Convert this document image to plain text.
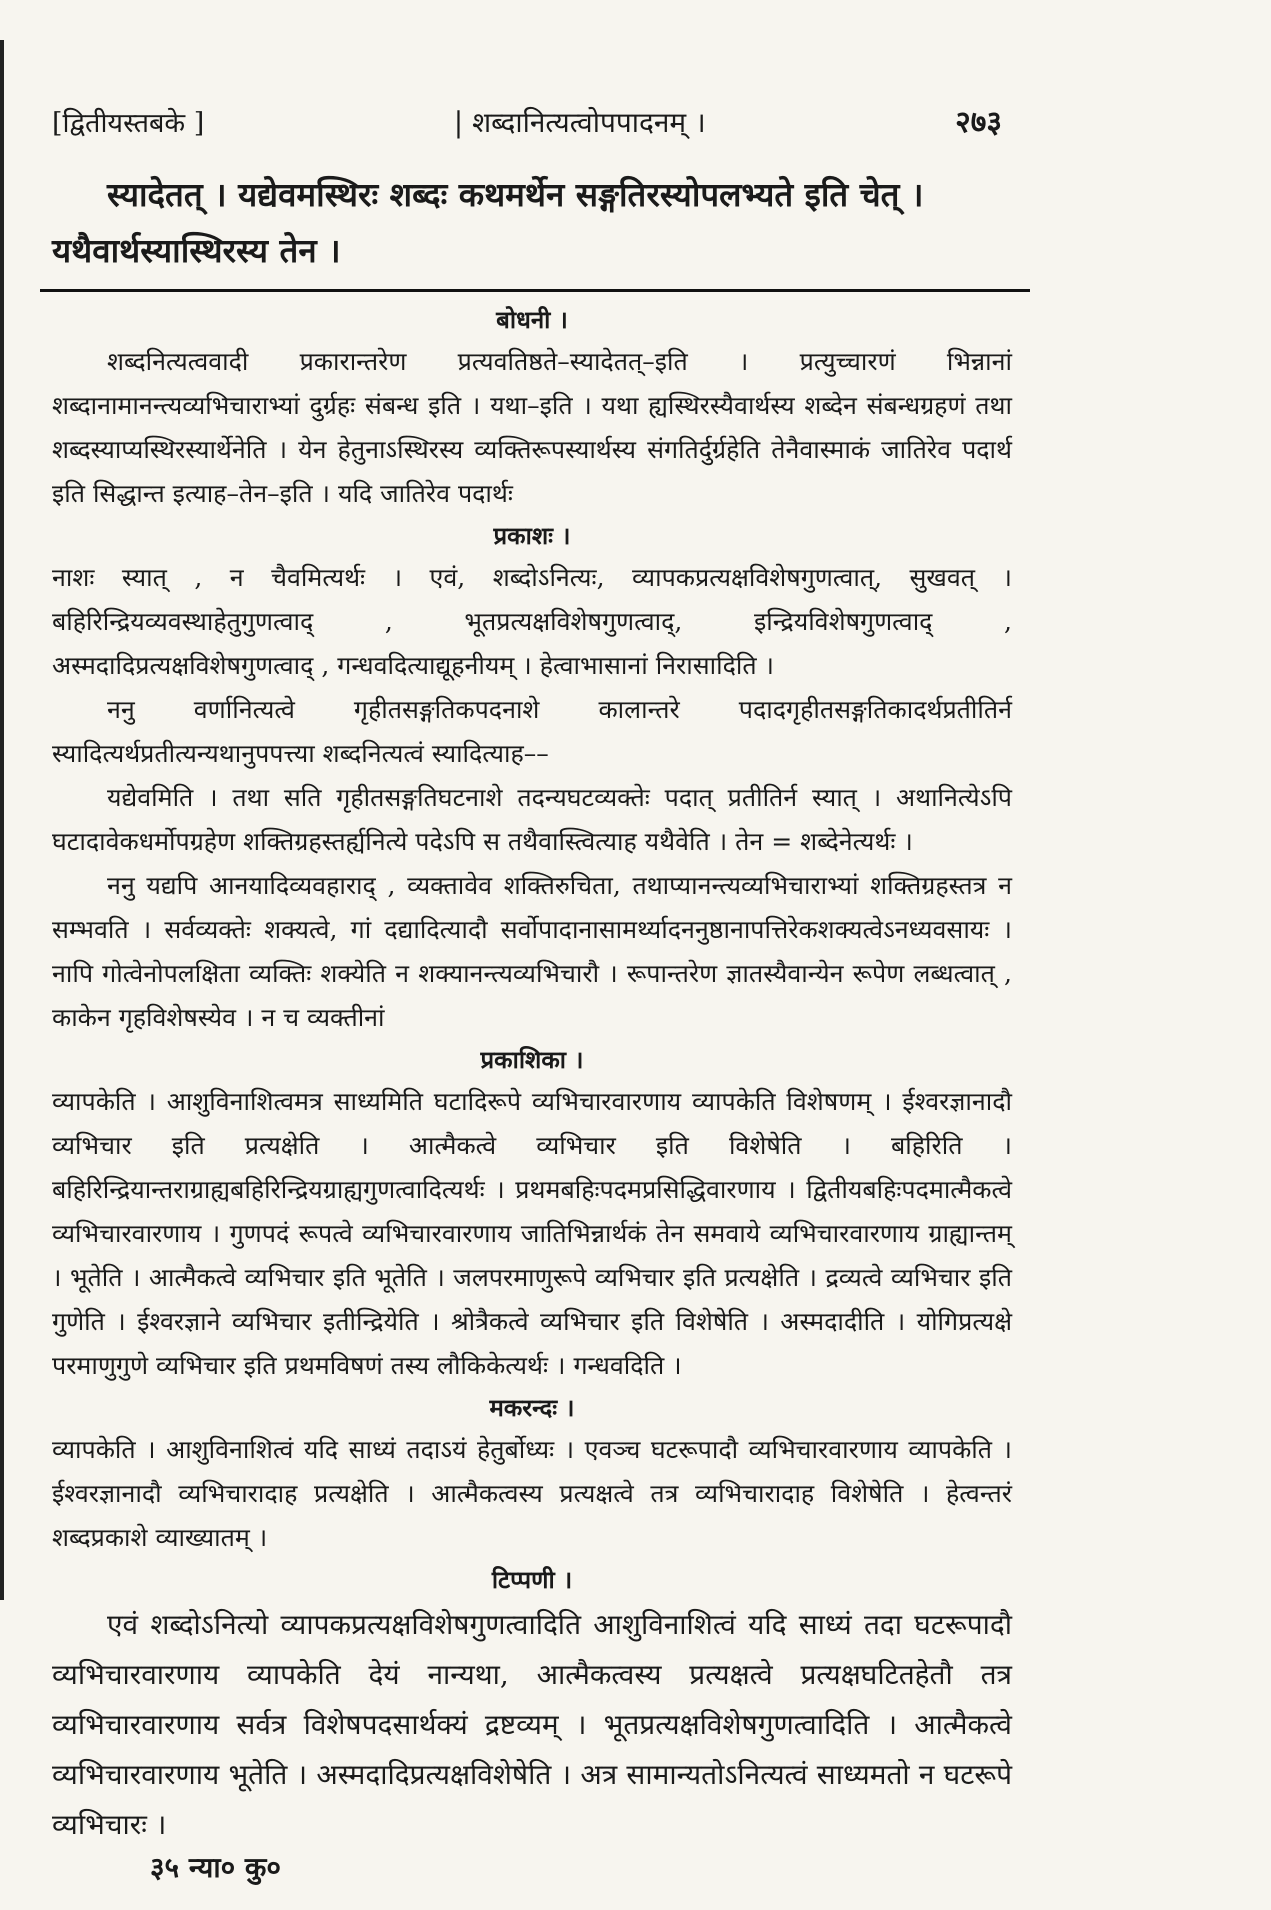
[द्वितीयस्तबके ]	| शब्दानित्यत्वोपपादनम् ।	२७३

स्यादेतत् । यद्येवमस्थिरः शब्दः कथमर्थेन सङ्गतिरस्योपलभ्यते इति चेत् । यथैवार्थस्यास्थिरस्य तेन ।

बोधनी ।

शब्दनित्यत्ववादी प्रकारान्तरेण प्रत्यवतिष्ठते–स्यादेतत्–इति । प्रत्युच्चारणं भिन्नानां शब्दानामानन्त्यव्यभिचाराभ्यां दुर्ग्रहः संबन्ध इति । यथा–इति । यथा ह्यस्थिरस्यैवार्थस्य शब्देन संबन्धग्रहणं तथा शब्दस्याप्यस्थिरस्यार्थेनेति । येन हेतुनाऽस्थिरस्य व्यक्तिरूपस्यार्थस्य संगतिर्दुर्ग्रहेति तेनैवास्माकं जातिरेव पदार्थ इति सिद्धान्त इत्याह–तेन–इति । यदि जातिरेव पदार्थः

प्रकाशः ।

नाशः स्यात् , न चैवमित्यर्थः । एवं, शब्दोऽनित्यः, व्यापकप्रत्यक्षविशेषगुणत्वात्, सुखवत् । बहिरिन्द्रियव्यवस्थाहेतुगुणत्वाद् , भूतप्रत्यक्षविशेषगुणत्वाद्, इन्द्रियविशेषगुणत्वाद् , अस्मदादिप्रत्यक्षविशेषगुणत्वाद् , गन्धवदित्याद्यूहनीयम् । हेत्वाभासानां निरासादिति ।

ननु वर्णानित्यत्वे गृहीतसङ्गतिकपदनाशे कालान्तरे पदादगृहीतसङ्गतिकादर्थप्रतीतिर्न स्यादित्यर्थप्रतीत्यन्यथानुपपत्त्या शब्दनित्यत्वं स्यादित्याह––

यद्येवमिति । तथा सति गृहीतसङ्गतिघटनाशे तदन्यघटव्यक्तेः पदात् प्रतीतिर्न स्यात् । अथानित्येऽपि घटादावेकधर्मोपग्रहेण शक्तिग्रहस्तर्ह्यनित्ये पदेऽपि स तथैवास्त्वित्याह यथैवेति । तेन = शब्देनेत्यर्थः ।

ननु यद्यपि आनयादिव्यवहाराद् , व्यक्तावेव शक्तिरुचिता, तथाप्यानन्त्यव्यभिचाराभ्यां शक्तिग्रहस्तत्र न सम्भवति । सर्वव्यक्तेः शक्यत्वे, गां दद्यादित्यादौ सर्वोपादानासामर्थ्यादननुष्ठानापत्तिरेकशक्यत्वेऽनध्यवसायः । नापि गोत्वेनोपलक्षिता व्यक्तिः शक्येति न शक्यानन्त्यव्यभिचारौ । रूपान्तरेण ज्ञातस्यैवान्येन रूपेण लब्धत्वात् , काकेन गृहविशेषस्येव । न च व्यक्तीनां

प्रकाशिका ।

व्यापकेति । आशुविनाशित्वमत्र साध्यमिति घटादिरूपे व्यभिचारवारणाय व्यापकेति विशेषणम् । ईश्वरज्ञानादौ व्यभिचार इति प्रत्यक्षेति । आत्मैकत्वे व्यभिचार इति विशेषेति । बहिरिति । बहिरिन्द्रियान्तराग्राह्यबहिरिन्द्रियग्राह्यगुणत्वादित्यर्थः । प्रथमबहिःपदमप्रसिद्धिवारणाय । द्वितीयबहिःपदमात्मैकत्वे व्यभिचारवारणाय । गुणपदं रूपत्वे व्यभिचारवारणाय जातिभिन्नार्थकं तेन समवाये व्यभिचारवारणाय ग्राह्यान्तम् । भूतेति । आत्मैकत्वे व्यभिचार इति भूतेति । जलपरमाणुरूपे व्यभिचार इति प्रत्यक्षेति । द्रव्यत्वे व्यभिचार इति गुणेति । ईश्वरज्ञाने व्यभिचार इतीन्द्रियेति । श्रोत्रैकत्वे व्यभिचार इति विशेषेति । अस्मदादीति । योगिप्रत्यक्षे परमाणुगुणे व्यभिचार इति प्रथमविषणं तस्य लौकिकेत्यर्थः । गन्धवदिति ।

मकरन्दः ।

व्यापकेति । आशुविनाशित्वं यदि साध्यं तदाऽयं हेतुर्बोध्यः । एवञ्च घटरूपादौ व्यभिचारवारणाय व्यापकेति । ईश्वरज्ञानादौ व्यभिचारादाह प्रत्यक्षेति । आत्मैकत्वस्य प्रत्यक्षत्वे तत्र व्यभिचारादाह विशेषेति । हेत्वन्तरं शब्दप्रकाशे व्याख्यातम् ।

टिप्पणी ।

एवं शब्दोऽनित्यो व्यापकप्रत्यक्षविशेषगुणत्वादिति आशुविनाशित्वं यदि साध्यं तदा घटरूपादौ व्यभिचारवारणाय व्यापकेति देयं नान्यथा, आत्मैकत्वस्य प्रत्यक्षत्वे प्रत्यक्षघटितहेतौ तत्र व्यभिचारवारणाय सर्वत्र विशेषपदसार्थक्यं द्रष्टव्यम् । भूतप्रत्यक्षविशेषगुणत्वादिति । आत्मैकत्वे व्यभिचारवारणाय भूतेति । अस्मदादिप्रत्यक्षविशेषेति । अत्र सामान्यतोऽनित्यत्वं साध्यमतो न घटरूपे व्यभिचारः ।

३५ न्या० कु०
